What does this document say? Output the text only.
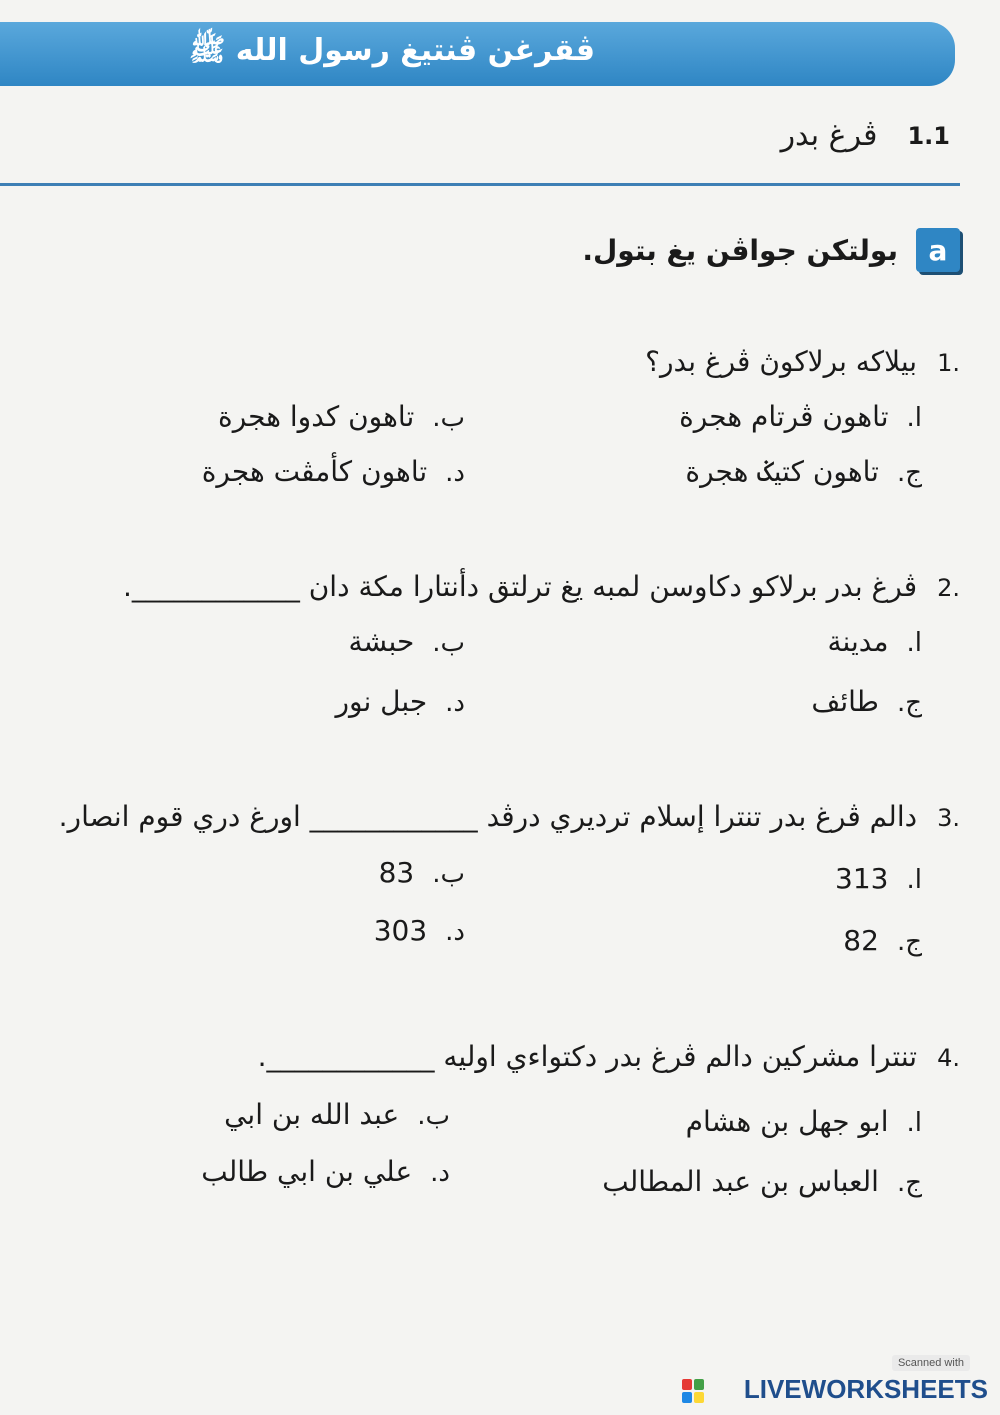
ڤقرغن ڤنتيغ رسول الله ﷺ
1.1
ڤرغ بدر
a
بولتكن جواڤن يغ بتول.
1.
بيلاكه برلاكوڽ ڤرغ بدر؟
ا.
تاهون ڤرتام هجرة
ب.
تاهون كدوا هجرة
ج.
تاهون كتيݢ هجرة
د.
تاهون كأمڤت هجرة
2.
ڤرغ بدر برلاكو دكاوسن لمبه يغ ترلتق دأنتارا مكة دان ____________.
ا.
مدينة
ب.
حبشة
ج.
طائف
د.
جبل نور
3.
دالم ڤرغ بدر تنترا إسلام ترديري درڤد ____________ اورغ دري قوم انصار.
ا.
313
ب.
83
ج.
82
د.
303
4.
تنترا مشركين دالم ڤرغ بدر دكتواءي اوليه ____________.
ا.
ابو جهل بن هشام
ب.
عبد الله بن ابي
ج.
العباس بن عبد المطالب
د.
علي بن ابي طالب
Scanned with
LIVEWORKSHEETS
